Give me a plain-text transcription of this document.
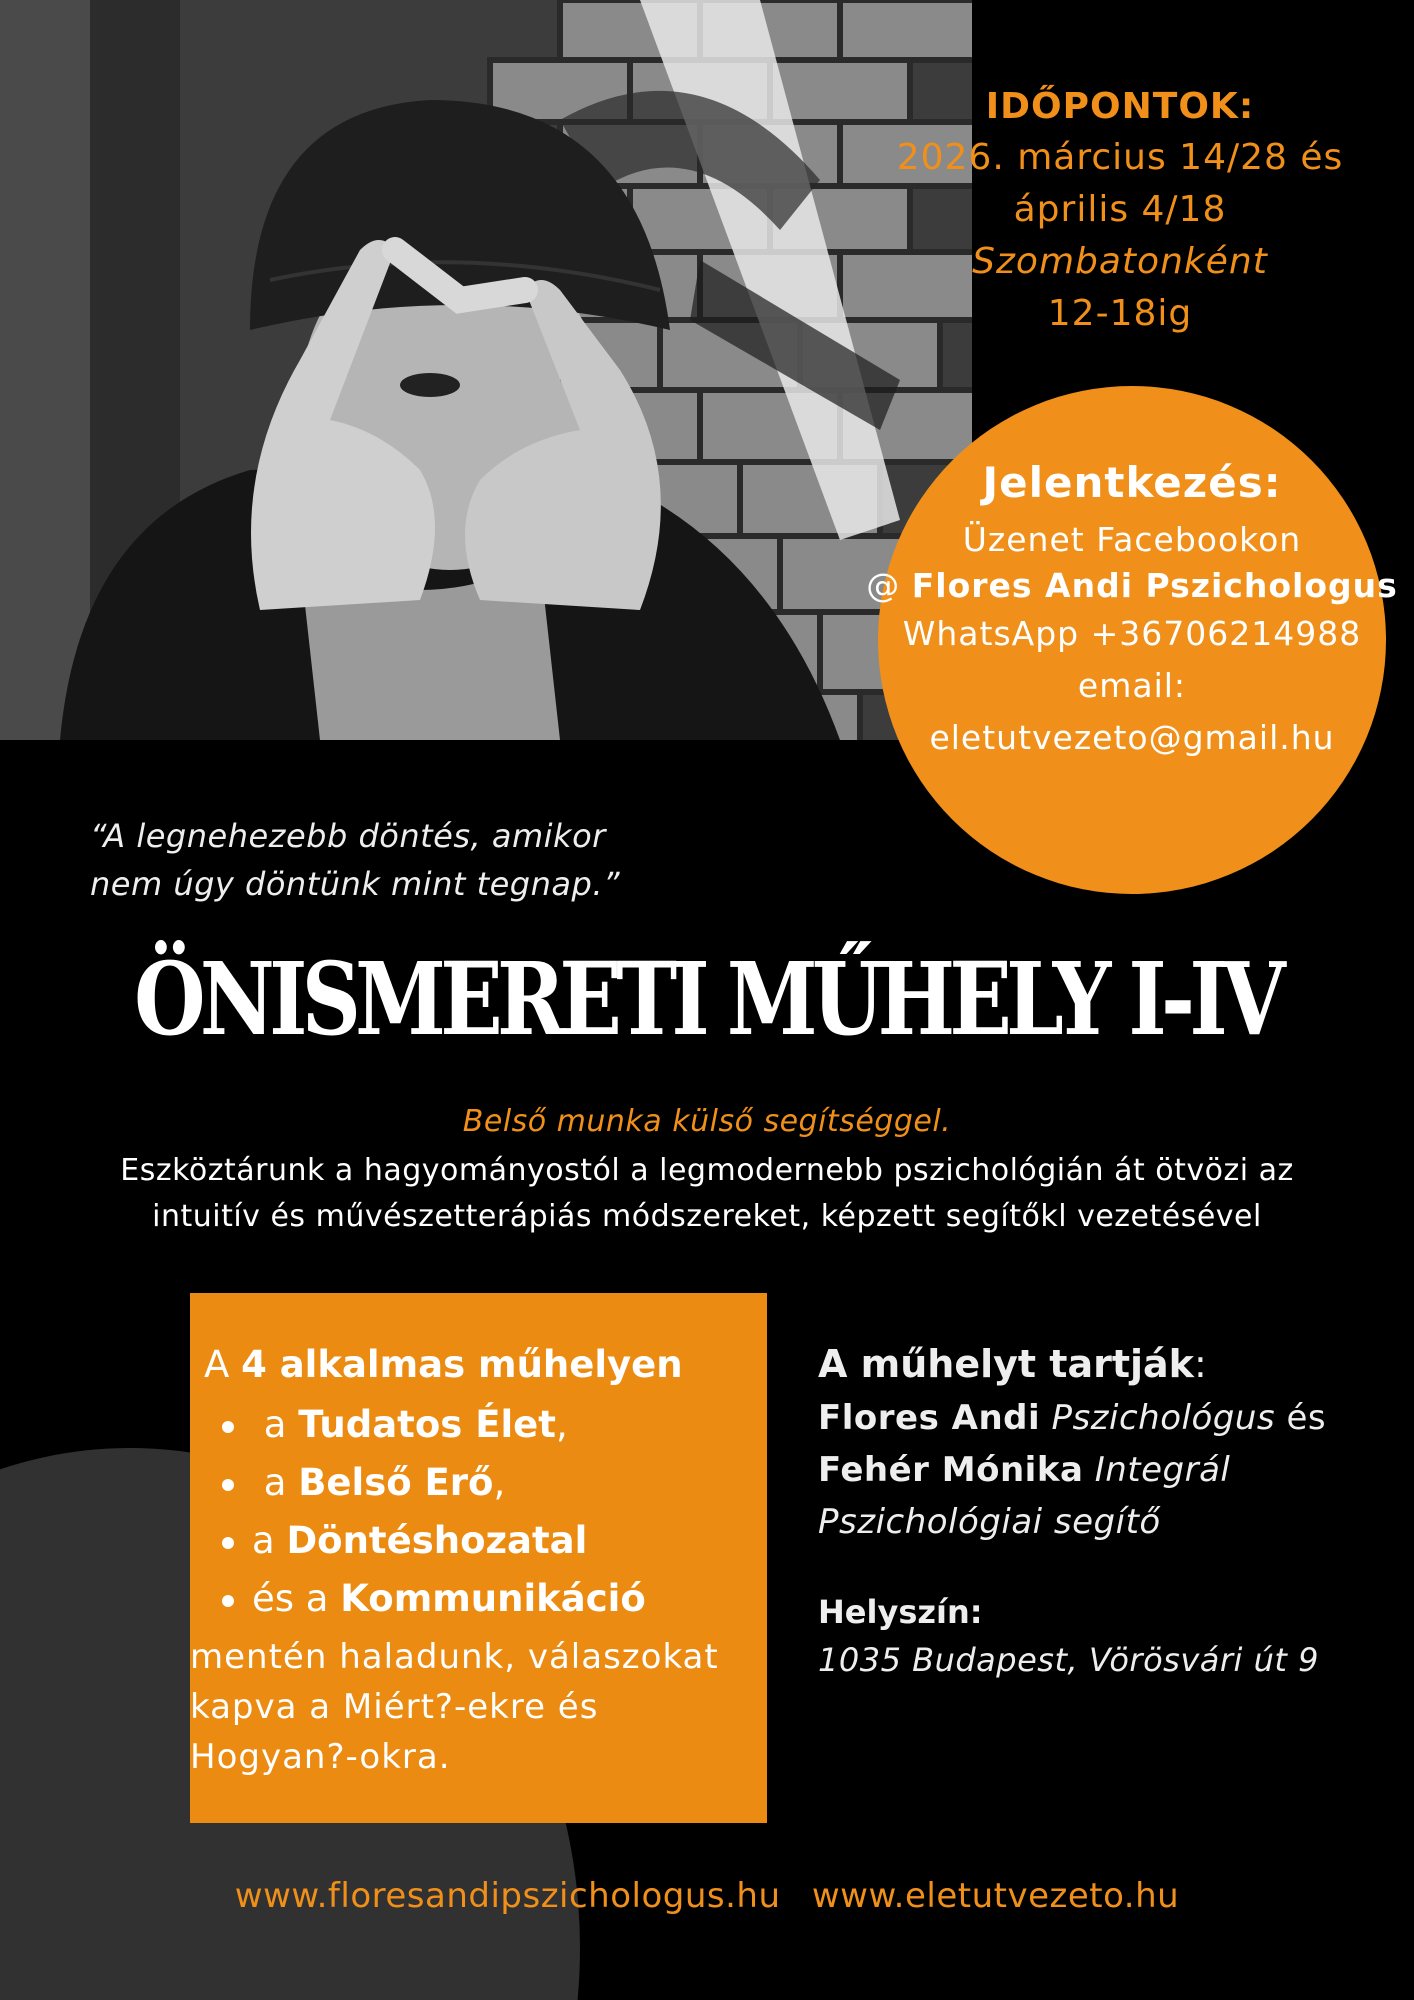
IDŐPONTOK:
2026. március 14/28 és
április 4/18
Szombatonként
12-18ig
Jelentkezés:
Üzenet Facebookon
@ Flores Andi Pszichologus
WhatsApp +36706214988
email:
eletutvezeto@gmail.hu
“A legnehezebb döntés, amikor
nem úgy döntünk mint tegnap.”
ÖNISMERETI MŰHELY I-IV
Belső munka külső segítséggel.
Eszköztárunk a hagyományostól a legmodernebb pszichológián át ötvözi az
intuitív és művészetterápiás módszereket, képzett segítőkl vezetésével
A 4 alkalmas műhelyen
a Tudatos Élet,
a Belső Erő,
a Döntéshozatal
és a Kommunikáció
mentén haladunk, válaszokat
kapva a Miért?-ekre és
Hogyan?-okra.
A műhelyt tartják:
Flores Andi Pszichológus és
Fehér Mónika Integrál
Pszichológiai segítő
Helyszín:
1035 Budapest, Vörösvári út 9
www.floresandipszichologus.hu www.eletutvezeto.hu
